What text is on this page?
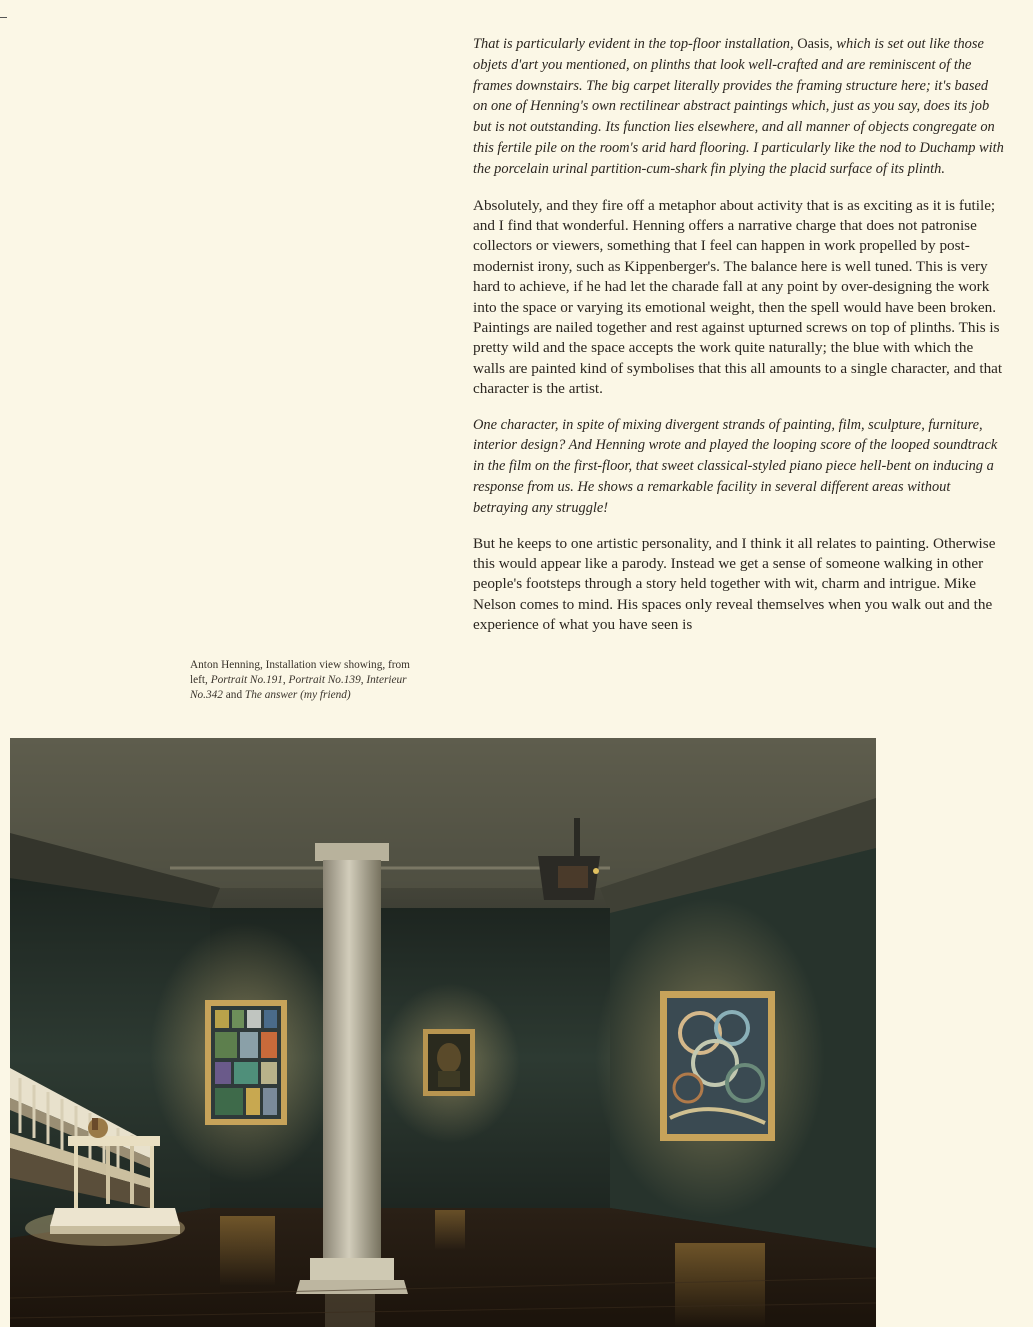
That is particularly evident in the top-floor installation, Oasis, which is set out like those objets d'art you mentioned, on plinths that look well-crafted and are reminiscent of the frames downstairs. The big carpet literally provides the framing structure here; it's based on one of Henning's own rectilinear abstract paintings which, just as you say, does its job but is not outstanding. Its function lies elsewhere, and all manner of objects congregate on this fertile pile on the room's arid hard flooring. I particularly like the nod to Duchamp with the porcelain urinal partition-cum-shark fin plying the placid surface of its plinth.

Absolutely, and they fire off a metaphor about activity that is as exciting as it is futile; and I find that wonderful. Henning offers a narrative charge that does not patronise collectors or viewers, something that I feel can happen in work propelled by post-modernist irony, such as Kippenberger's. The balance here is well tuned. This is very hard to achieve, if he had let the charade fall at any point by over-designing the work into the space or varying its emotional weight, then the spell would have been broken. Paintings are nailed together and rest against upturned screws on top of plinths. This is pretty wild and the space accepts the work quite naturally; the blue with which the walls are painted kind of symbolises that this all amounts to a single character, and that character is the artist.

One character, in spite of mixing divergent strands of painting, film, sculpture, furniture, interior design? And Henning wrote and played the looping score of the looped soundtrack in the film on the first-floor, that sweet classical-styled piano piece hell-bent on inducing a response from us. He shows a remarkable facility in several different areas without betraying any struggle!

But he keeps to one artistic personality, and I think it all relates to painting. Otherwise this would appear like a parody. Instead we get a sense of someone walking in other people's footsteps through a story held together with wit, charm and intrigue. Mike Nelson comes to mind. His spaces only reveal themselves when you walk out and the experience of what you have seen is

Anton Henning, Installation view showing, from left, Portrait No.191, Portrait No.139, Interieur No.342 and The answer (my friend)
